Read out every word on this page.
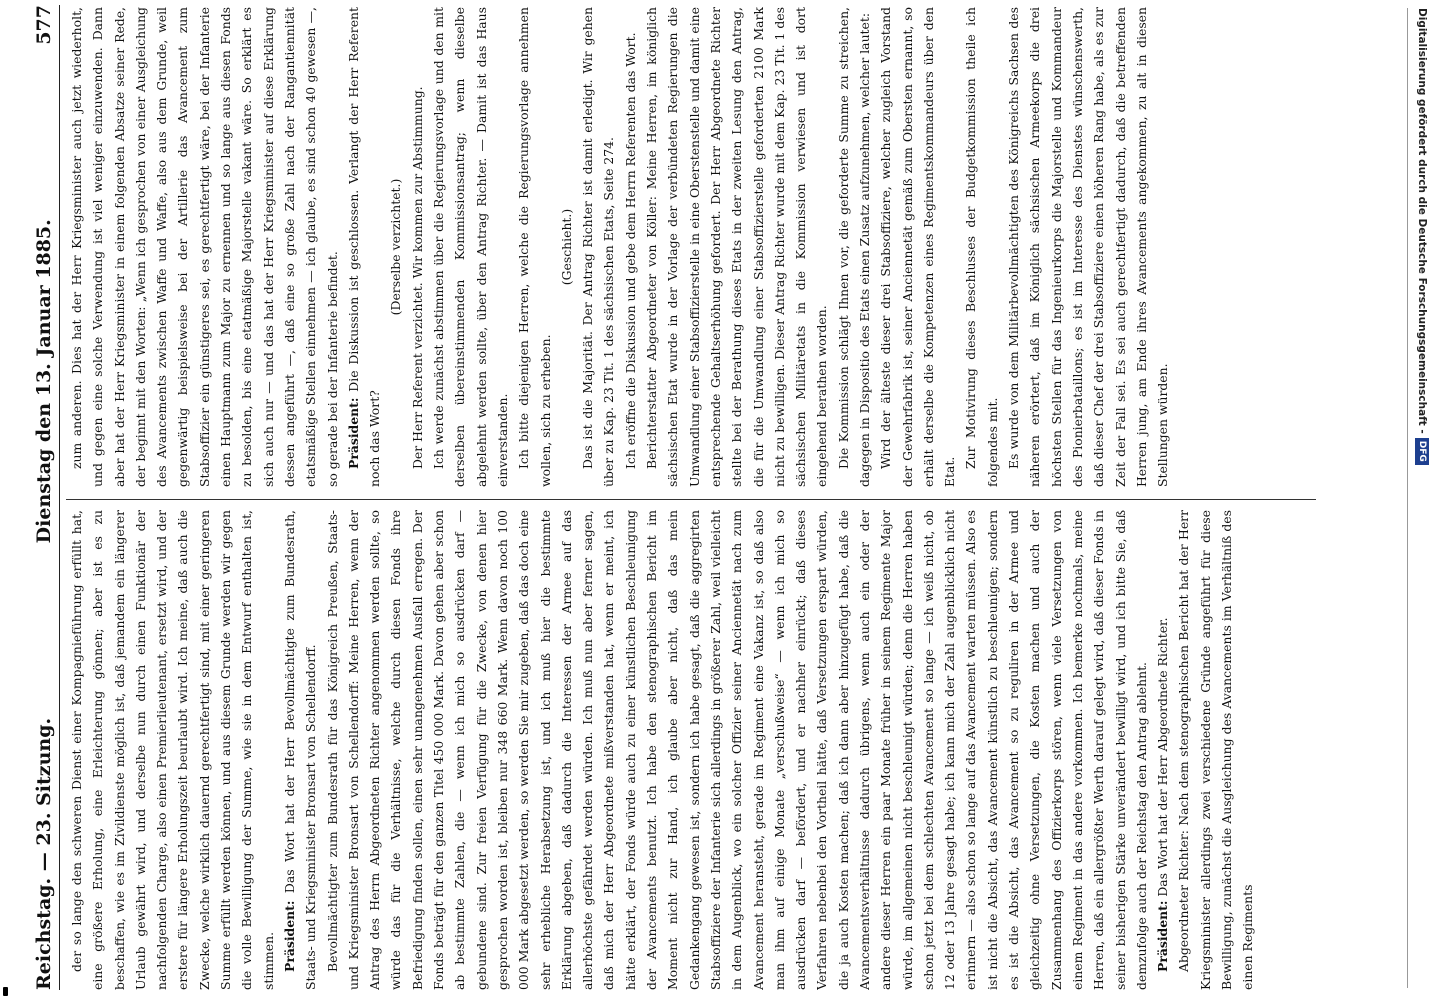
Reichstag. — 23. Sitzung.
Dienstag den 13. Januar 1885.
577

der so lange den schweren Dienst einer Kompagnieführung erfüllt hat, eine größere Erholung, eine Erleichterung gönnen; aber ist es zu beschaffen, wie es im Zivildienste möglich ist, daß jemandem ein längerer Urlaub gewährt wird, und derselbe nun durch einen Funktionär der nachfolgenden Charge, also einen Premierlieutenant, ersetzt wird, und der erstere für längere Erholungszeit beurlaubt wird. Ich meine, daß auch die Zwecke, welche wirklich dauernd gerechtfertigt sind, mit einer geringeren Summe erfüllt werden können, und aus diesem Grunde werden wir gegen die volle Bewilligung der Summe, wie sie in dem Entwurf enthalten ist, stimmen. Präsident: Das Wort hat der Herr Bevollmächtigte zum Bundesrath, Staats- und Kriegsminister Bronsart von Schellendorff. Bevollmächtigter zum Bundesrath für das Königreich Preußen, Staats- und Kriegsminister Bronsart von Schellendorff: Meine Herren, wenn der Antrag des Herrn Abgeordneten Richter angenommen werden sollte, so würde das für die Verhältnisse, welche durch diesen Fonds ihre Befriedigung finden sollen, einen sehr unangenehmen Ausfall erregen. Der Fonds beträgt für den ganzen Titel 450 000 Mark. Davon gehen aber schon ab bestimmte Zahlen, die — wenn ich mich so ausdrücken darf — gebundene sind. Zur freien Verfügung für die Zwecke, von denen hier gesprochen worden ist, bleiben nur 348 660 Mark. Wenn davon noch 100 000 Mark abgesetzt werden, so werden Sie mir zugeben, daß das doch eine sehr erhebliche Herabsetzung ist, und ich muß hier die bestimmte Erklärung abgeben, daß dadurch die Interessen der Armee auf das allerhöchste gefährdet werden würden. Ich muß nun aber ferner sagen, daß mich der Herr Abgeordnete mißverstanden hat, wenn er meint, ich hätte erklärt, der Fonds würde auch zu einer künstlichen Beschleunigung der Avancements benutzt. Ich habe den stenographischen Bericht im Moment nicht zur Hand, ich glaube aber nicht, daß das mein Gedankengang gewesen ist, sondern ich habe gesagt, daß die aggregirten Stabsoffiziere der Infanterie sich allerdings in größerer Zahl, weil vielleicht in dem Augenblick, wo ein solcher Offizier seiner Anciennetät nach zum Avancement heransteht, gerade im Regiment eine Vakanz ist, so daß also man ihm auf einige Monate „verschußweise“ — wenn ich mich so ausdrücken darf — befördert, und er nachher einrückt; daß dieses Verfahren nebenbei den Vortheil hätte, daß Versetzungen erspart würden, die ja auch Kosten machen; daß ich dann aber hinzugefügt habe, daß die Avancementsverhältnisse dadurch übrigens, wenn auch ein oder der andere dieser Herren ein paar Monate früher in seinem Regimente Major würde, im allgemeinen nicht beschleunigt würden; denn die Herren haben schon jetzt bei dem schlechten Avancement so lange — ich weiß nicht, ob 12 oder 13 Jahre gesagt habe; ich kann mich der Zahl augenblicklich nicht erinnern — also schon so lange auf das Avancement warten müssen. Also es ist nicht die Absicht, das Avancement künstlich zu beschleunigen; sondern es ist die Absicht, das Avancement so zu reguliren in der Armee und gleichzeitig ohne Versetzungen, die Kosten machen und auch der Zusammenhang des Offizierkorps stören, wenn viele Versetzungen von einem Regiment in das andere vorkommen. Ich bemerke nochmals, meine Herren, daß ein allergrößter Werth darauf gelegt wird, daß dieser Fonds in seiner bisherigen Stärke unverändert bewilligt wird, und ich bitte Sie, daß demzufolge auch der Reichstag den Antrag ablehnt. Präsident: Das Wort hat der Herr Abgeordnete Richter. Abgeordneter Richter: Nach dem stenographischen Bericht hat der Herr Kriegsminister allerdings zwei verschiedene Gründe angeführt für diese Bewilligung, zunächst die Ausgleichung des Avancements im Verhältniß des einen Regiments

zum anderen. Dies hat der Herr Kriegsminister auch jetzt wiederholt, und gegen eine solche Verwendung ist viel weniger einzuwenden. Dann aber hat der Herr Kriegsminister in einem folgenden Absatze seiner Rede, der beginnt mit den Worten: „Wenn ich gesprochen von einer Ausgleichung des Avancements zwischen Waffe und Waffe, also aus dem Grunde, weil gegenwärtig beispielsweise bei der Artillerie das Avancement zum Stabsoffizier ein günstigeres sei, es gerechtfertigt wäre, bei der Infanterie einen Hauptmann zum Major zu ernennen und so lange aus diesen Fonds zu besolden, bis eine etatmäßige Majorstelle vakant wäre. So erklärt es sich auch nur — und das hat der Herr Kriegsminister auf diese Erklärung dessen angeführt —, daß eine so große Zahl nach der Rangantiennität etatsmäßige Stellen einnehmen — ich glaube, es sind schon 40 gewesen —, so gerade bei der Infanterie befindet. Präsident: Die Diskussion ist geschlossen. Verlangt der Herr Referent noch das Wort?

(Derselbe verzichtet.) Der Herr Referent verzichtet. Wir kommen zur Abstimmung. Ich werde zunächst abstimmen über die Regierungsvorlage und den mit derselben übereinstimmenden Kommissionsantrag; wenn dieselbe abgelehnt werden sollte, über den Antrag Richter. — Damit ist das Haus einverstanden. Ich bitte diejenigen Herren, welche die Regierungsvorlage annehmen wollen, sich zu erheben.

(Geschieht.) Das ist die Majorität. Der Antrag Richter ist damit erledigt. Wir gehen über zu Kap. 23 Tit. 1 des sächsischen Etats, Seite 274. Ich eröffne die Diskussion und gebe dem Herrn Referenten das Wort. Berichterstatter Abgeordneter von Köller: Meine Herren, im königlich sächsischen Etat wurde in der Vorlage der verbündeten Regierungen die Umwandlung einer Stabsoffizierstelle in eine Oberstenstelle und damit eine entsprechende Gehaltserhöhung gefordert. Der Herr Abgeordnete Richter stellte bei der Berathung dieses Etats in der zweiten Lesung den Antrag, die für die Umwandlung einer Stabsoffizierstelle geforderten 2100 Mark nicht zu bewilligen. Dieser Antrag Richter wurde mit dem Kap. 23 Tit. 1 des sächsischen Militäretats in die Kommission verwiesen und ist dort eingehend berathen worden. Die Kommission schlägt Ihnen vor, die geforderte Summe zu streichen, dagegen in Dispositio des Etats einen Zusatz aufzunehmen, welcher lautet: Wird der älteste dieser drei Stabsoffiziere, welcher zugleich Vorstand der Gewehrfabrik ist, seiner Anciennetät gemäß zum Obersten ernannt, so erhält derselbe die Kompetenzen eines Regimentskommandeurs über den Etat.

Zur Motivirung dieses Beschlusses der Budgetkommission theile ich folgendes mit. Es wurde von dem Militärbevollmächtigten des Königreichs Sachsen des näheren erörtert, daß im Königlich sächsischen Armeekorps die drei höchsten Stellen für das Ingenieurkorps die Majorstelle und Kommandeur des Pionierbataillons; es ist im Interesse des Dienstes wünschenswerth, daß dieser Chef der drei Stabsoffiziere einen höheren Rang habe, als es zur Zeit der Fall sei. Es sei auch gerechtfertigt dadurch, daß die betreffenden Herren jung, am Ende ihres Avancements angekommen, zu alt in diesen Stellungen würden.	Digitalisierung gefördert durch die Deutsche Forschungsgemeinschaft -
DFG
